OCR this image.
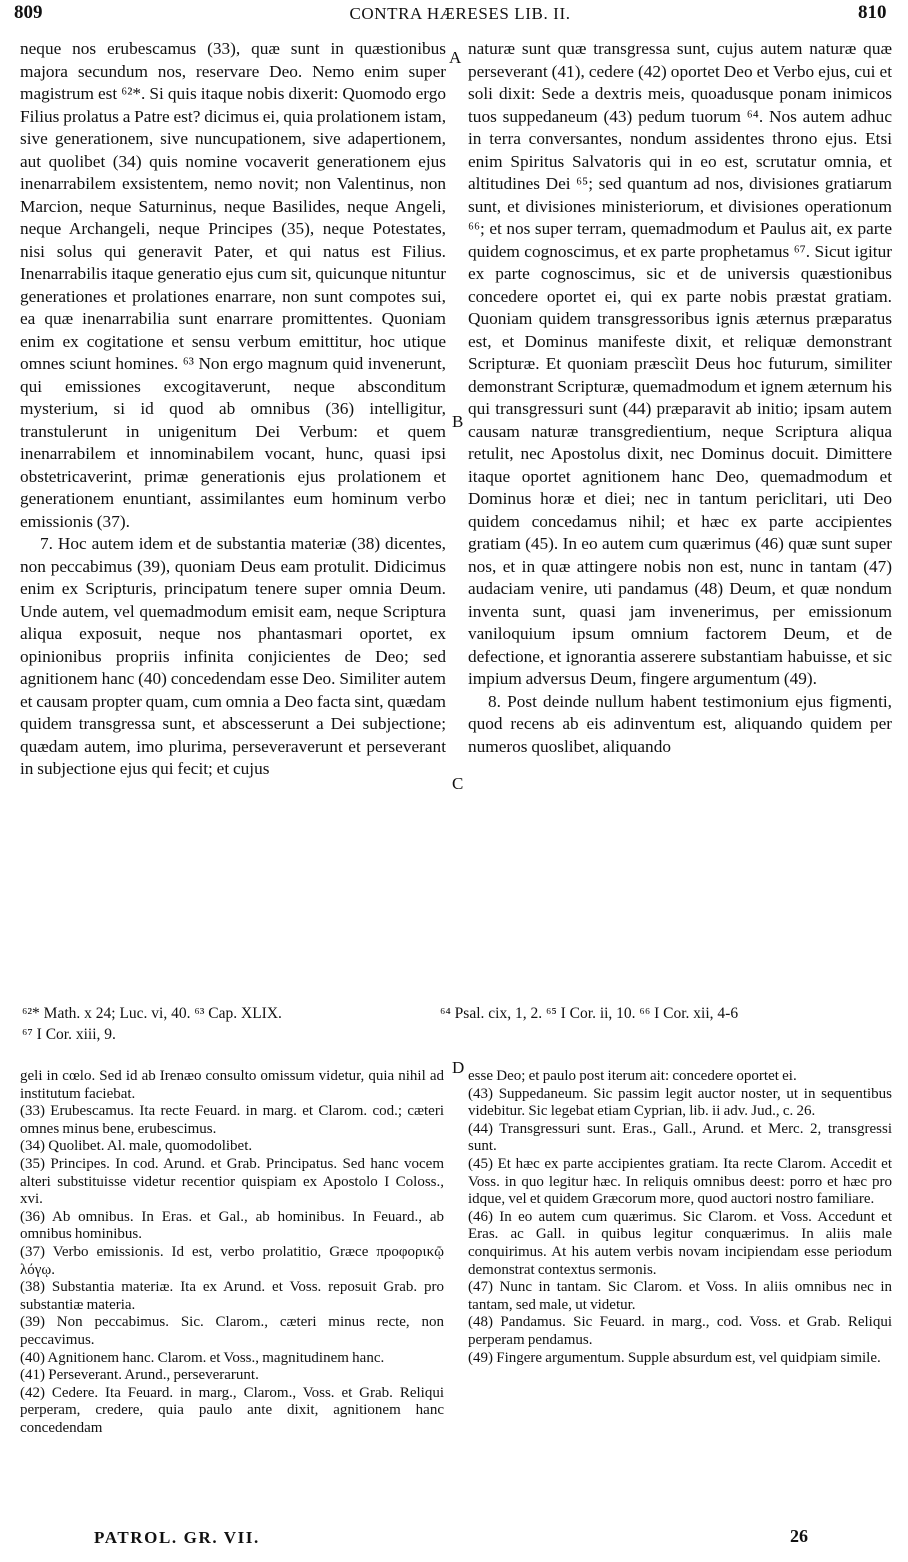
809	CONTRA HÆRESES LIB. II.	810

neque nos erubescamus (33), quæ sunt in quæstionibus majora secundum nos, reservare Deo. Nemo enim super magistrum est ⁶²*. Si quis itaque nobis dixerit: Quomodo ergo Filius prolatus a Patre est? dicimus ei, quia prolationem istam, sive generationem, sive nuncupationem, sive adapertionem, aut quolibet (34) quis nomine vocaverit generationem ejus inenarrabilem exsistentem, nemo novit; non Valentinus, non Marcion, neque Saturninus, neque Basilides, neque Angeli, neque Archangeli, neque Principes (35), neque Potestates, nisi solus qui generavit Pater, et qui natus est Filius. Inenarrabilis itaque generatio ejus cum sit, quicunque nituntur generationes et prolationes enarrare, non sunt compotes sui, ea quæ inenarrabilia sunt enarrare promittentes. Quoniam enim ex cogitatione et sensu verbum emittitur, hoc utique omnes sciunt homines. ⁶³ Non ergo magnum quid invenerunt, qui emissiones excogitaverunt, neque absconditum mysterium, si id quod ab omnibus (36) intelligitur, transtulerunt in unigenitum Dei Verbum: et quem inenarrabilem et innominabilem vocant, hunc, quasi ipsi obstetricaverint, primæ generationis ejus prolationem et generationem enuntiant, assimilantes eum hominum verbo emissionis (37).

7. Hoc autem idem et de substantia materiæ (38) dicentes, non peccabimus (39), quoniam Deus eam protulit. Didicimus enim ex Scripturis, principatum tenere super omnia Deum. Unde autem, vel quemadmodum emisit eam, neque Scriptura aliqua exposuit, neque nos phantasmari oportet, ex opinionibus propriis infinita conjicientes de Deo; sed agnitionem hanc (40) concedendam esse Deo. Similiter autem et causam propter quam, cum omnia a Deo facta sint, quædam quidem transgressa sunt, et abscesserunt a Dei subjectione; quædam autem, imo plurima, perseveraverunt et perseverant in subjectione ejus qui fecit; et cujus

A
B
C
D

naturæ sunt quæ transgressa sunt, cujus autem naturæ quæ perseverant (41), cedere (42) oportet Deo et Verbo ejus, cui et soli dixit: Sede a dextris meis, quoadusque ponam inimicos tuos suppedaneum (43) pedum tuorum ⁶⁴. Nos autem adhuc in terra conversantes, nondum assidentes throno ejus. Etsi enim Spiritus Salvatoris qui in eo est, scrutatur omnia, et altitudines Dei ⁶⁵; sed quantum ad nos, divisiones gratiarum sunt, et divisiones ministeriorum, et divisiones operationum ⁶⁶; et nos super terram, quemadmodum et Paulus ait, ex parte quidem cognoscimus, et ex parte prophetamus ⁶⁷. Sicut igitur ex parte cognoscimus, sic et de universis quæstionibus concedere oportet ei, qui ex parte nobis præstat gratiam. Quoniam quidem transgressoribus ignis æternus præparatus est, et Dominus manifeste dixit, et reliquæ demonstrant Scripturæ. Et quoniam præscìit Deus hoc futurum, similiter demonstrant Scripturæ, quemadmodum et ignem æternum his qui transgressuri sunt (44) præparavit ab initio; ipsam autem causam naturæ transgredientium, neque Scriptura aliqua retulit, nec Apostolus dixit, nec Dominus docuit. Dimittere itaque oportet agnitionem hanc Deo, quemadmodum et Dominus horæ et diei; nec in tantum periclitari, uti Deo quidem concedamus nihil; et hæc ex parte accipientes gratiam (45). In eo autem cum quærimus (46) quæ sunt super nos, et in quæ attingere nobis non est, nunc in tantam (47) audaciam venire, uti pandamus (48) Deum, et quæ nondum inventa sunt, quasi jam invenerimus, per emissionum vaniloquium ipsum omnium factorem Deum, et de defectione, et ignorantia asserere substantiam habuisse, et sic impium adversus Deum, fingere argumentum (49).

8. Post deinde nullum habent testimonium ejus figmenti, quod recens ab eis adinventum est, aliquando quidem per numeros quoslibet, aliquando

⁶²* Math. x 24; Luc. vi, 40. ⁶³ Cap. XLIX.
⁶⁷ I Cor. xiii, 9.
⁶⁴ Psal. cix, 1, 2. ⁶⁵ I Cor. ii, 10. ⁶⁶ I Cor. xii, 4-6

geli in cœlo. Sed id ab Irenæo consulto omissum videtur, quia nihil ad institutum faciebat.

(33) Erubescamus. Ita recte Feuard. in marg. et Clarom. cod.; cæteri omnes minus bene, erubescimus.

(34) Quolibet. Al. male, quomodolibet.

(35) Principes. In cod. Arund. et Grab. Principatus. Sed hanc vocem alteri substituisse videtur recentior quispiam ex Apostolo I Coloss., xvi.

(36) Ab omnibus. In Eras. et Gal., ab hominibus. In Feuard., ab omnibus hominibus.

(37) Verbo emissionis. Id est, verbo prolatitio, Græce προφορικῷ λόγῳ.

(38) Substantia materiæ. Ita ex Arund. et Voss. reposuit Grab. pro substantiæ materia.

(39) Non peccabimus. Sic. Clarom., cæteri minus recte, non peccavimus.

(40) Agnitionem hanc. Clarom. et Voss., magnitudinem hanc.

(41) Perseverant. Arund., perseverarunt.

(42) Cedere. Ita Feuard. in marg., Clarom., Voss. et Grab. Reliqui perperam, credere, quia paulo ante dixit, agnitionem hanc concedendam

esse Deo; et paulo post iterum ait: concedere oportet ei.

(43) Suppedaneum. Sic passim legit auctor noster, ut in sequentibus videbitur. Sic legebat etiam Cyprian, lib. ii adv. Jud., c. 26.

(44) Transgressuri sunt. Eras., Gall., Arund. et Merc. 2, transgressi sunt.

(45) Et hæc ex parte accipientes gratiam. Ita recte Clarom. Accedit et Voss. in quo legitur hæc. In reliquis omnibus deest: porro et hæc pro idque, vel et quidem Græcorum more, quod auctori nostro familiare.

(46) In eo autem cum quærimus. Sic Clarom. et Voss. Accedunt et Eras. ac Gall. in quibus legitur conquærimus. In aliis male conquirimus. At his autem verbis novam incipiendam esse periodum demonstrat contextus sermonis.

(47) Nunc in tantam. Sic Clarom. et Voss. In aliis omnibus nec in tantam, sed male, ut videtur.

(48) Pandamus. Sic Feuard. in marg., cod. Voss. et Grab. Reliqui perperam pendamus.

(49) Fingere argumentum. Supple absurdum est, vel quidpiam simile.

PATROL. GR. VII.	26
